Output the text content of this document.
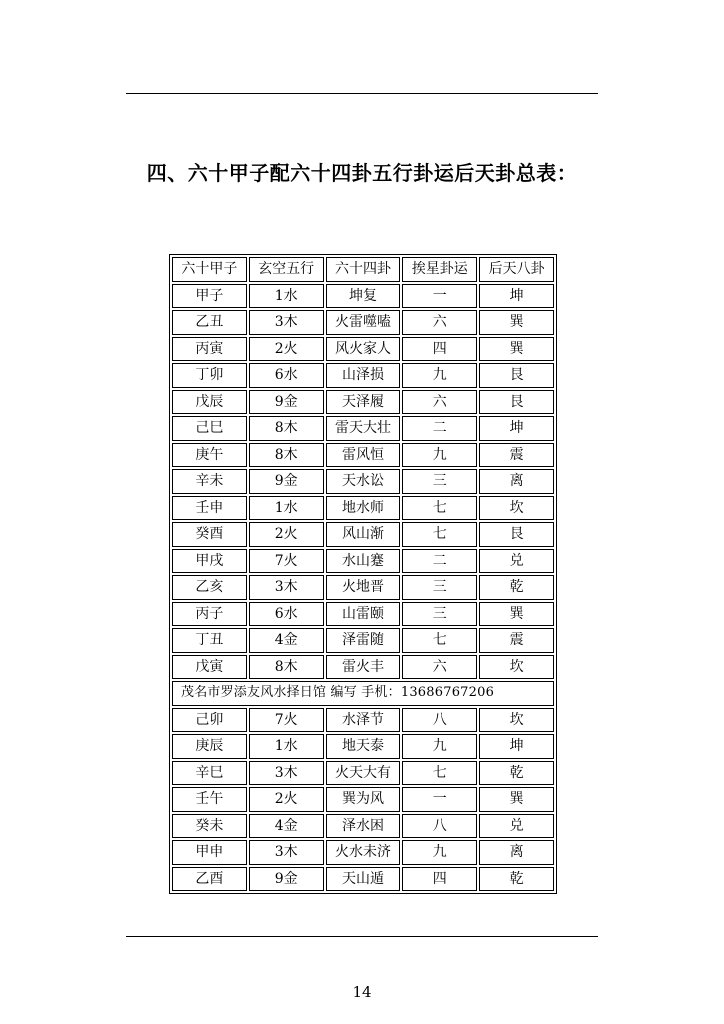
四、六十甲子配六十四卦五行卦运后天卦总表：
六十甲子	玄空五行	六十四卦	挨星卦运	后天八卦
甲子	1水	坤复	一	坤
乙丑	3木	火雷噬嗑	六	巽
丙寅	2火	风火家人	四	巽
丁卯	6水	山泽损	九	艮
戊辰	9金	天泽履	六	艮
己巳	8木	雷天大壮	二	坤
庚午	8木	雷风恒	九	震
辛未	9金	天水讼	三	离
壬申	1水	地水师	七	坎
癸酉	2火	风山渐	七	艮
甲戌	7火	水山蹇	二	兑
乙亥	3木	火地晋	三	乾
丙子	6水	山雷颐	三	巽
丁丑	4金	泽雷随	七	震
戊寅	8木	雷火丰	六	坎
茂名市罗添友风水择日馆 编写 手机：13686767206				
己卯	7火	水泽节	八	坎
庚辰	1水	地天泰	九	坤
辛巳	3木	火天大有	七	乾
壬午	2火	巽为风	一	巽
癸未	4金	泽水困	八	兑
甲申	3木	火水未济	九	离
乙酉	9金	天山遁	四	乾
14
